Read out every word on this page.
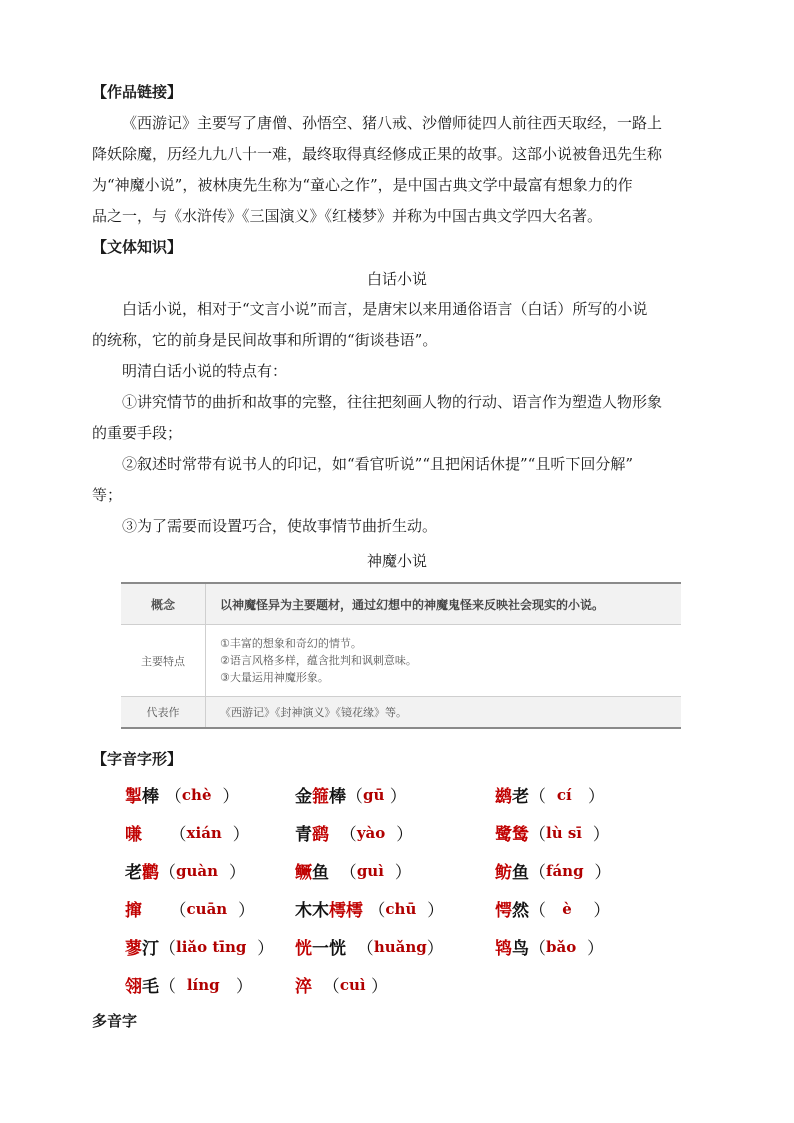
【作品链接】

《西游记》主要写了唐僧、孙悟空、猪八戒、沙僧师徒四人前往西天取经，一路上

降妖除魔，历经九九八十一难，最终取得真经修成正果的故事。这部小说被鲁迅先生称

为“神魔小说”，被林庚先生称为“童心之作”，是中国古典文学中最富有想象力的作

品之一，与《水浒传》《三国演义》《红楼梦》并称为中国古典文学四大名著。

【文体知识】
白话小说

白话小说，相对于“文言小说”而言，是唐宋以来用通俗语言（白话）所写的小说

的统称，它的前身是民间故事和所谓的“街谈巷语”。

明清白话小说的特点有：

①讲究情节的曲折和故事的完整，往往把刻画人物的行动、语言作为塑造人物形象

的重要手段；

②叙述时常带有说书人的印记，如“看官听说”“且把闲话休提”“且听下回分解”

等；

③为了需要而设置巧合，使故事情节曲折生动。

神魔小说
概念	以神魔怪异为主要题材，通过幻想中的神魔鬼怪来反映社会现实的小说。
主要特点	①丰富的想象和奇幻的情节。
②语言风格多样，蕴含批判和讽刺意味。
③大量运用神魔形象。

代表作	《西游记》《封神演义》《镜花缘》等。
【字音字形】
掣棒 （chè  ）	金箍棒（gū ）	鹚老（  cí   ）
嗛     （xián  ）	青鹞  （yào  ）	鹭鸶（lù sī  ）
老鹳（guàn  ）	鳜鱼  （guì  ）	鲂鱼（fáng  ）
撺     （cuān  ） 木木樗樗 （chū  ）	愕然（   è    ）
蓼汀（liǎo tīng  ） 恍一恍  （huǎng）	鸨鸟（bǎo  ）
翎毛（  líng   ） 淬  （cuì ）
多音字
